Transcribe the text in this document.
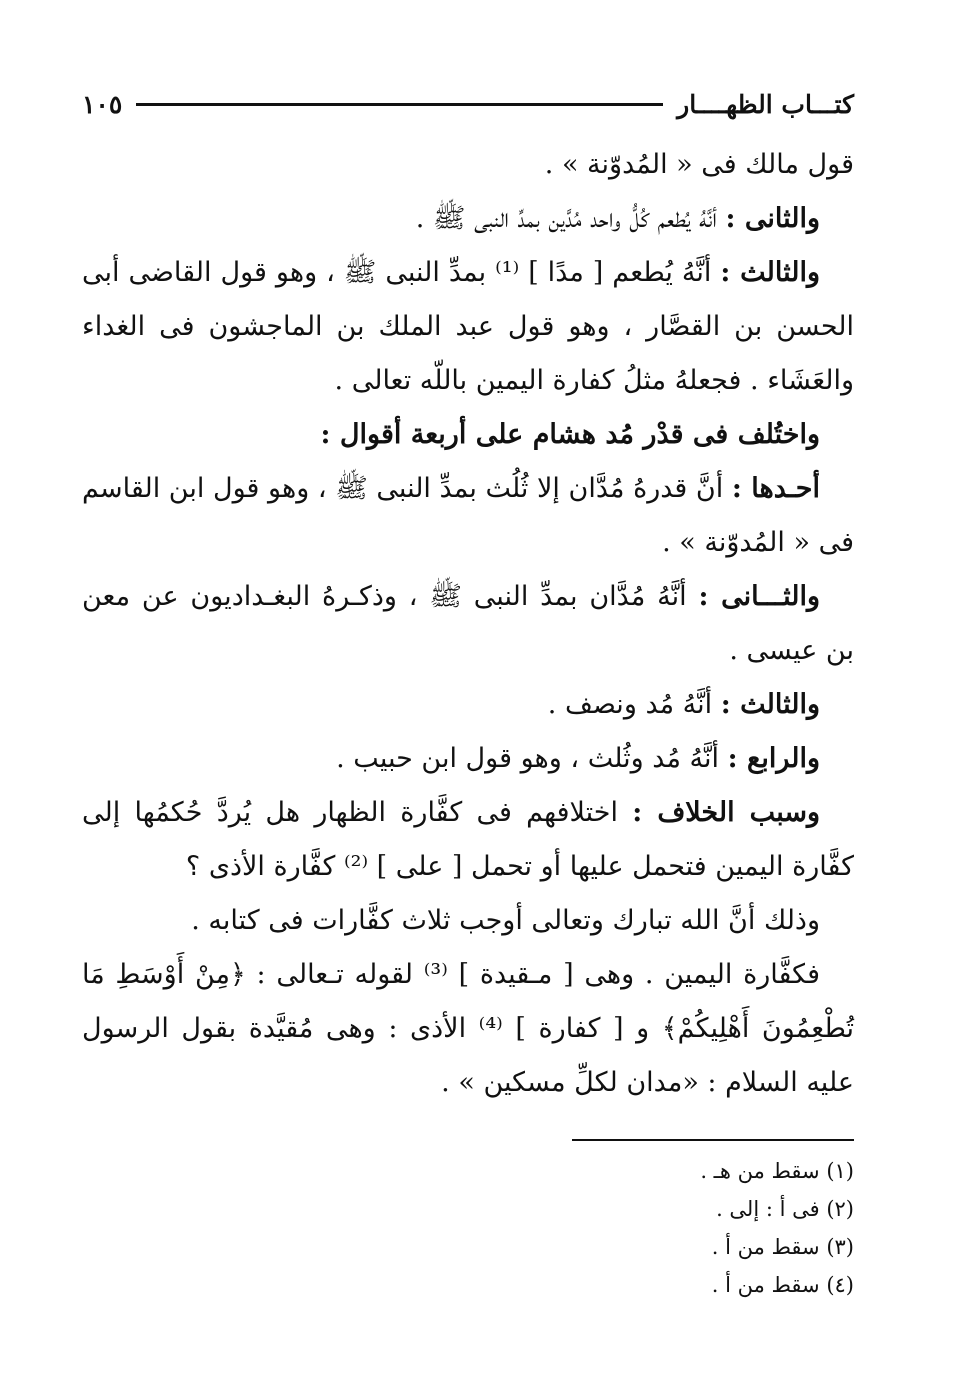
كتـــاب الظهــــار
١٠٥

قول مالك فى « المُدوّنة » .

والثانى : أنَّهُ يُطعم كُلُّ واحد مُدَّين بمدِّ النبى ﷺ .

والثالث : أنَّهُ يُطعم [ مدًا ] ⁽¹⁾ بمدِّ النبى ﷺ ، وهو قول القاضى أبى الحسن بن القصَّار ، وهو قول عبد الملك بن الماجشون فى الغداء والعَشَاء . فجعلهُ مثلُ كفارة اليمين باللّه تعالى .

واختُلف فى قدْر مُد هشام على أربعة أقوال :

أحـدها : أنَّ قدرهُ مُدَّان إلا ثُلُث بمدِّ النبى ﷺ ، وهو قول ابن القاسم فى « المُدوّنة » .

والثـــانى : أنَّهُ مُدَّان بمدِّ النبى ﷺ ، وذكـرهُ البغـداديون عن معن بن عيسى .

والثالث : أنَّهُ مُد ونصف .

والرابع : أنَّهُ مُد وثُلث ، وهو قول ابن حبيب .

وسبب الخلاف : اختلافهم فى كفَّارة الظهار هل يُردَّ حُكمُها إلى كفَّارة اليمين فتحمل عليها أو تحمل [ على ] ⁽²⁾ كفَّارة الأذى ؟

وذلك أنَّ الله تبارك وتعالى أوجب ثلاث كفَّارات فى كتابه .

فكفَّارة اليمين . وهى [ مـقيدة ] ⁽³⁾ لقوله تـعالى : ﴿مِنْ أَوْسَطِ مَا تُطْعِمُونَ أَهْلِيكُمْ﴾ و [ كفارة ] ⁽⁴⁾ الأذى : وهى مُقيَّدة بقول الرسول عليه السلام : «مدان لكلِّ مسكين » .

(١) سقط من هـ .
(٢) فى أ : إلى .
(٣) سقط من أ .
(٤) سقط من أ .
